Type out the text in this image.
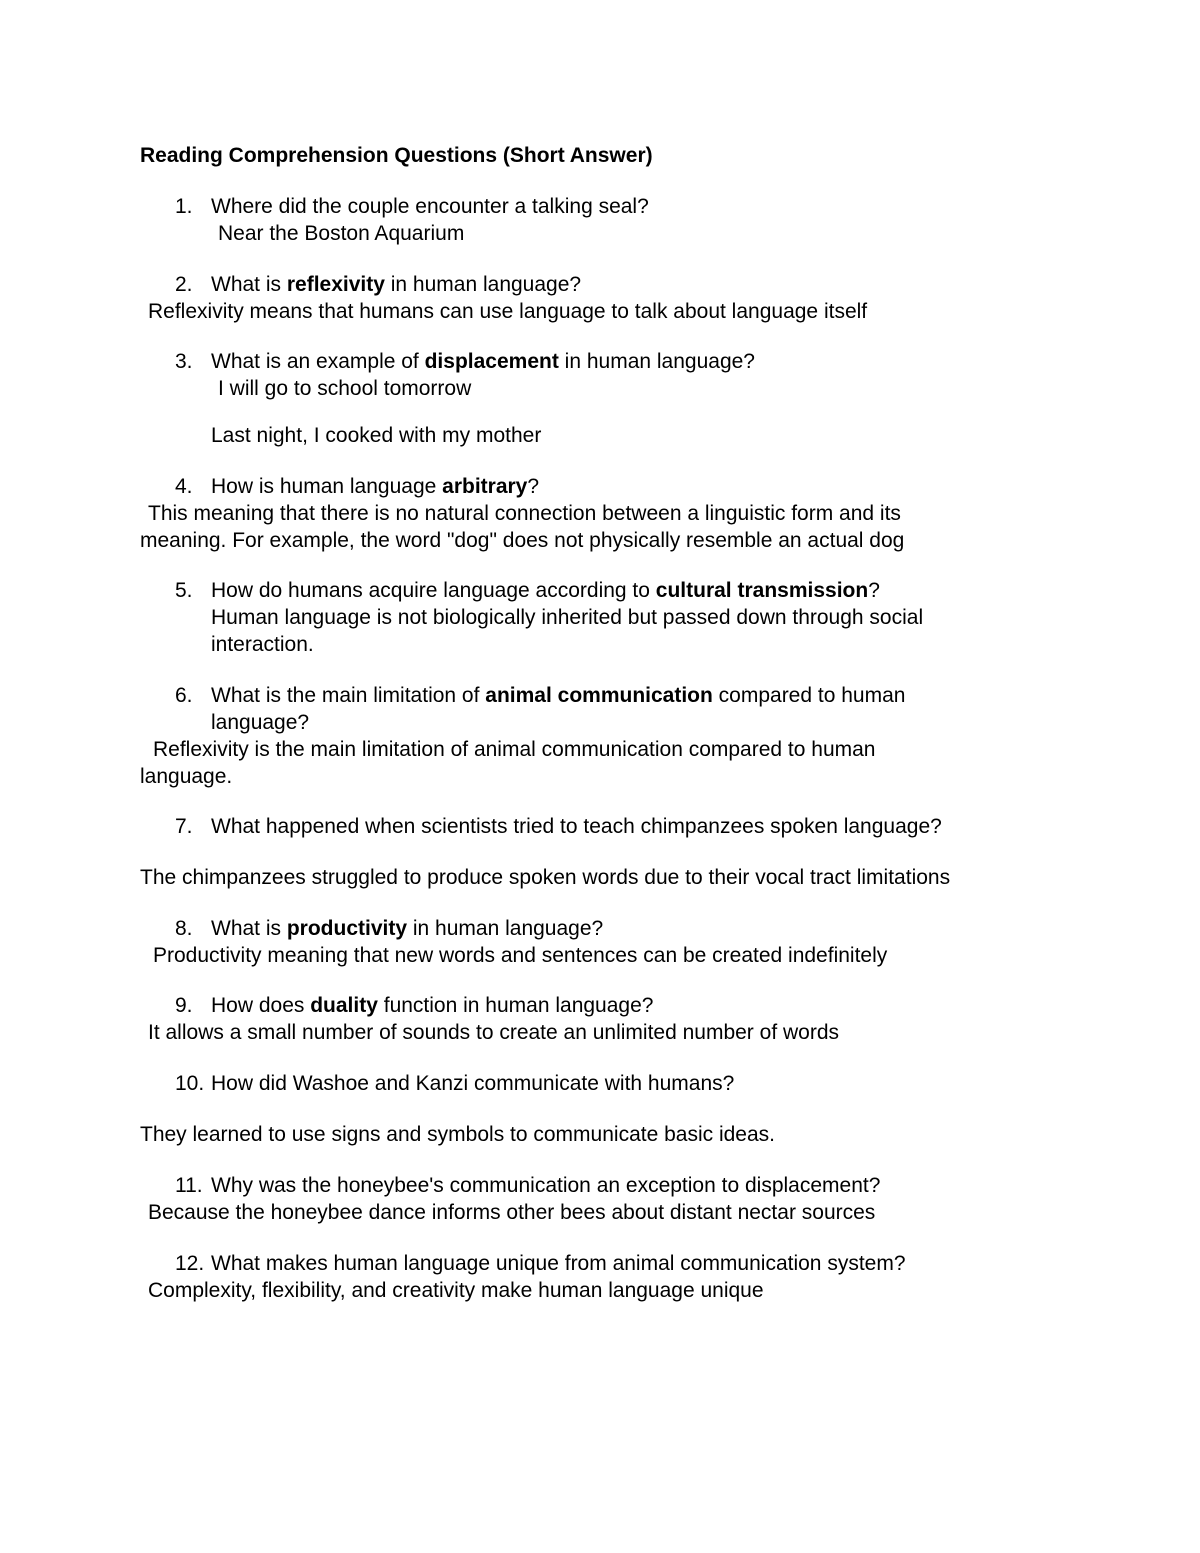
Reading Comprehension Questions (Short Answer)
1. Where did the couple encounter a talking seal?
Near the Boston Aquarium
2. What is reflexivity in human language?
Reflexivity means that humans can use language to talk about language itself
3. What is an example of displacement in human language?
I will go to school tomorrow
Last night, I cooked with my mother
4. How is human language arbitrary?
This meaning that there is no natural connection between a linguistic form and its
meaning. For example, the word "dog" does not physically resemble an actual dog
5. How do humans acquire language according to cultural transmission?
Human language is not biologically inherited but passed down through social
interaction.
6. What is the main limitation of animal communication compared to human
language?
Reflexivity is the main limitation of animal communication compared to human
language.
7. What happened when scientists tried to teach chimpanzees spoken language?
The chimpanzees struggled to produce spoken words due to their vocal tract limitations
8. What is productivity in human language?
Productivity meaning that new words and sentences can be created indefinitely
9. How does duality function in human language?
It allows a small number of sounds to create an unlimited number of words
10. How did Washoe and Kanzi communicate with humans?
They learned to use signs and symbols to communicate basic ideas.
11. Why was the honeybee's communication an exception to displacement?
Because the honeybee dance informs other bees about distant nectar sources
12. What makes human language unique from animal communication system?
Complexity, flexibility, and creativity make human language unique
